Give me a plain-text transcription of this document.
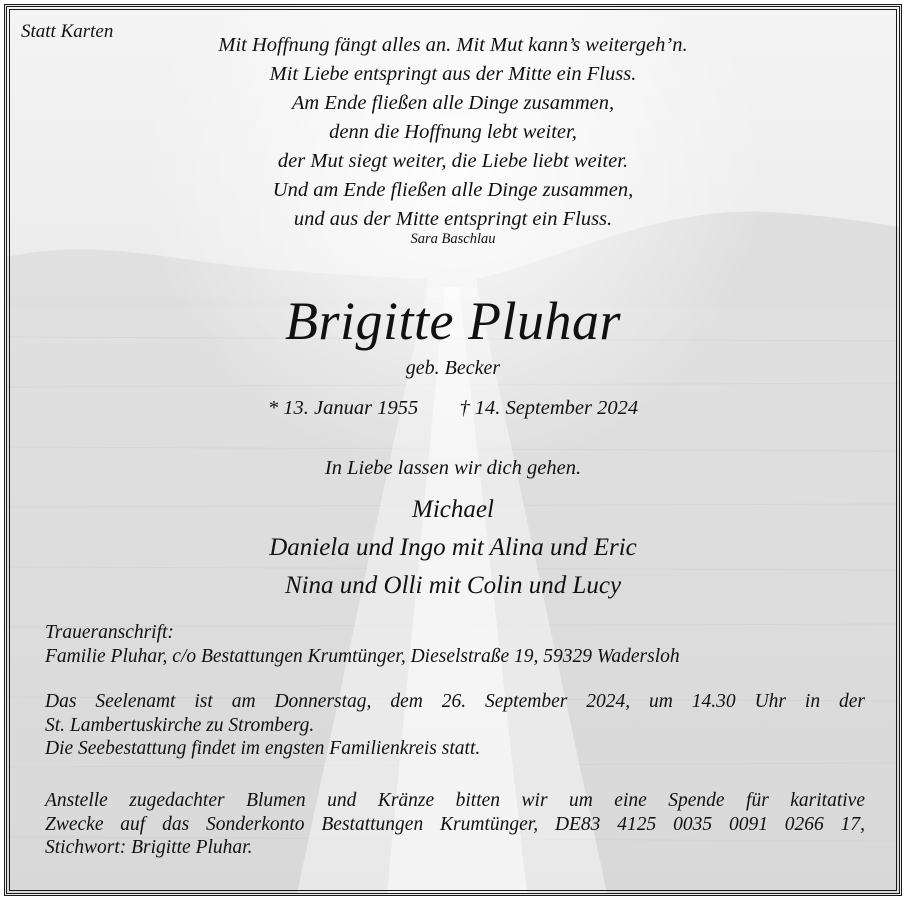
Statt Karten
Mit Hoffnung fängt alles an. Mit Mut kann’s weitergeh’n.
Mit Liebe entspringt aus der Mitte ein Fluss.
Am Ende fließen alle Dinge zusammen,
denn die Hoffnung lebt weiter,
der Mut siegt weiter, die Liebe liebt weiter.
Und am Ende fließen alle Dinge zusammen,
und aus der Mitte entspringt ein Fluss.
Sara Baschlau
Brigitte Pluhar
geb. Becker
* 13. Januar 1955 † 14. September 2024
In Liebe lassen wir dich gehen.
Michael
Daniela und Ingo mit Alina und Eric
Nina und Olli mit Colin und Lucy
Traueranschrift:
Familie Pluhar, c/o Bestattungen Krumtünger, Dieselstraße 19, 59329 Wadersloh
Das Seelenamt ist am Donnerstag, dem 26. September 2024, um 14.30 Uhr in der
St. Lambertuskirche zu Stromberg.
Die Seebestattung findet im engsten Familienkreis statt.
Anstelle zugedachter Blumen und Kränze bitten wir um eine Spende für karitative
Zwecke auf das Sonderkonto Bestattungen Krumtünger, DE83 4125 0035 0091 0266 17,
Stichwort: Brigitte Pluhar.
